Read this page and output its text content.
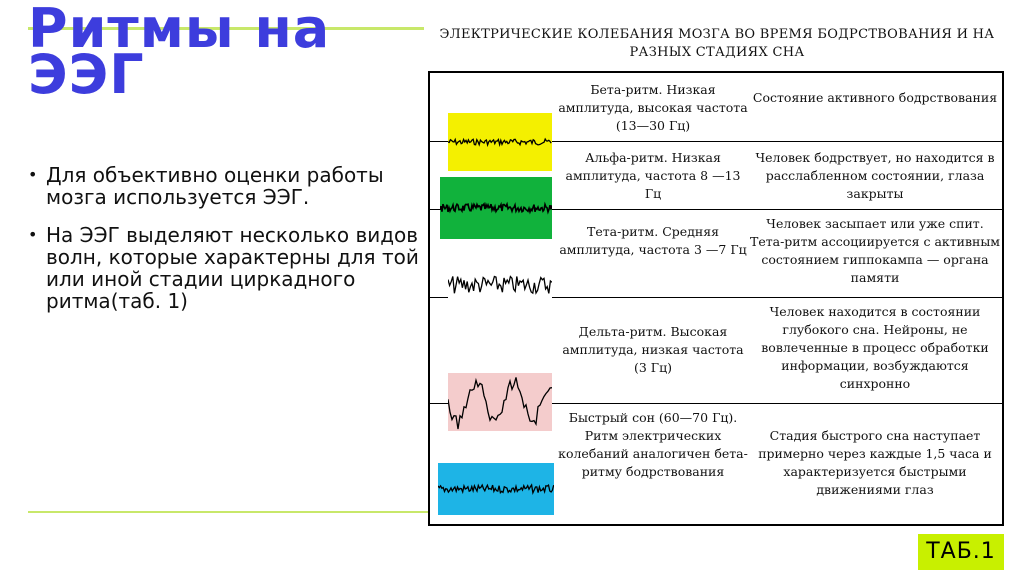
Ритмы на ЭЭГ
• Для объективно оценки работы мозга используется ЭЭГ.
• На ЭЭГ выделяют несколько видов волн, которые характерны для той или иной стадии циркадного ритма(таб. 1)
ЭЛЕКТРИЧЕСКИЕ КОЛЕБАНИЯ МОЗГА ВО ВРЕМЯ БОДРСТВОВАНИЯ И НА РАЗНЫХ СТАДИЯХ СНА
Бета-ритм. Низкая амплитуда, высокая частота (13—30 Гц)
Состояние активного бодрствования
Альфа-ритм. Низкая амплитуда, частота 8 —13 Гц
Человек бодрствует, но находится в расслабленном состоянии, глаза закрыты
Тета-ритм. Средняя амплитуда, частота 3 —7 Гц
Человек засыпает или уже спит. Тета-ритм ассоциируется с активным состоянием гиппокампа — органа памяти
Дельта-ритм. Высокая амплитуда, низкая частота (3 Гц)
Человек находится в состоянии глубокого сна. Нейроны, не вовлеченные в процесс обработки информации, возбуждаются синхронно
Быстрый сон (60—70 Гц). Ритм электрических колебаний аналогичен бета-ритму бодрствования
Стадия быстрого сна наступает примерно через каждые 1,5 часа и характеризуется быстрыми движениями глаз
ТАБ.1
